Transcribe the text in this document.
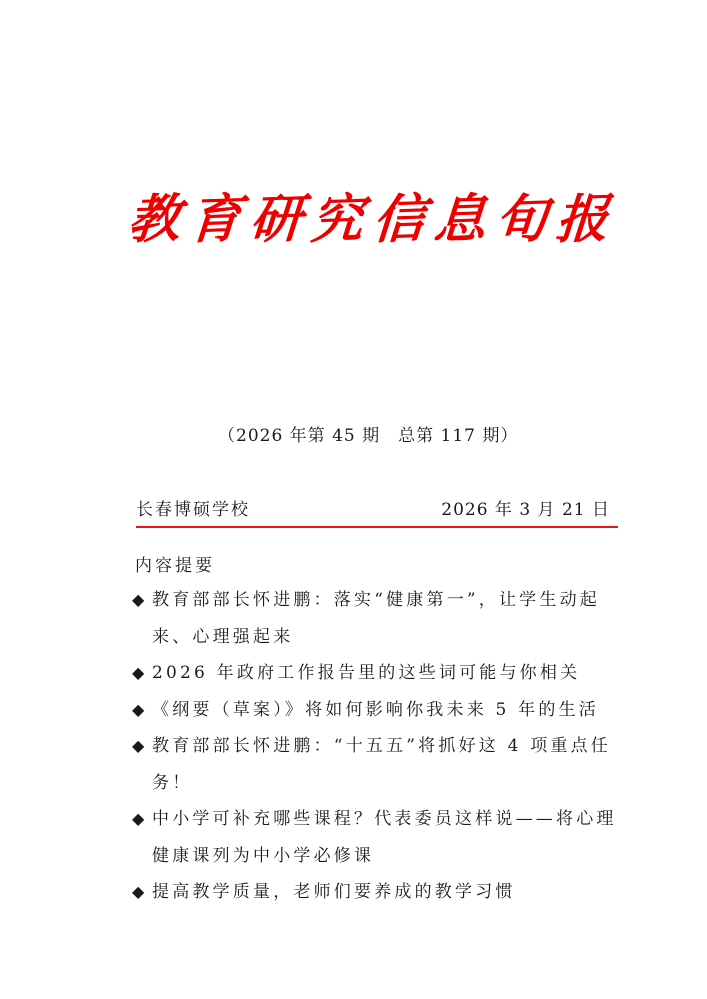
教 育 研 究 信 息 旬 报
（2026 年第 45 期　总第 117 期）
长春博硕学校	2026 年 3 月 21 日
内容提要
◆ 教育部部长怀进鹏：落实“健康第一”，让学生动起来、心理强起来
◆ 2026 年政府工作报告里的这些词可能与你相关
◆ 《纲要（草案）》将如何影响你我未来 5 年的生活
◆ 教育部部长怀进鹏：“十五五”将抓好这 4 项重点任务！
◆ 中小学可补充哪些课程？代表委员这样说——将心理健康课列为中小学必修课
◆ 提高教学质量，老师们要养成的教学习惯
